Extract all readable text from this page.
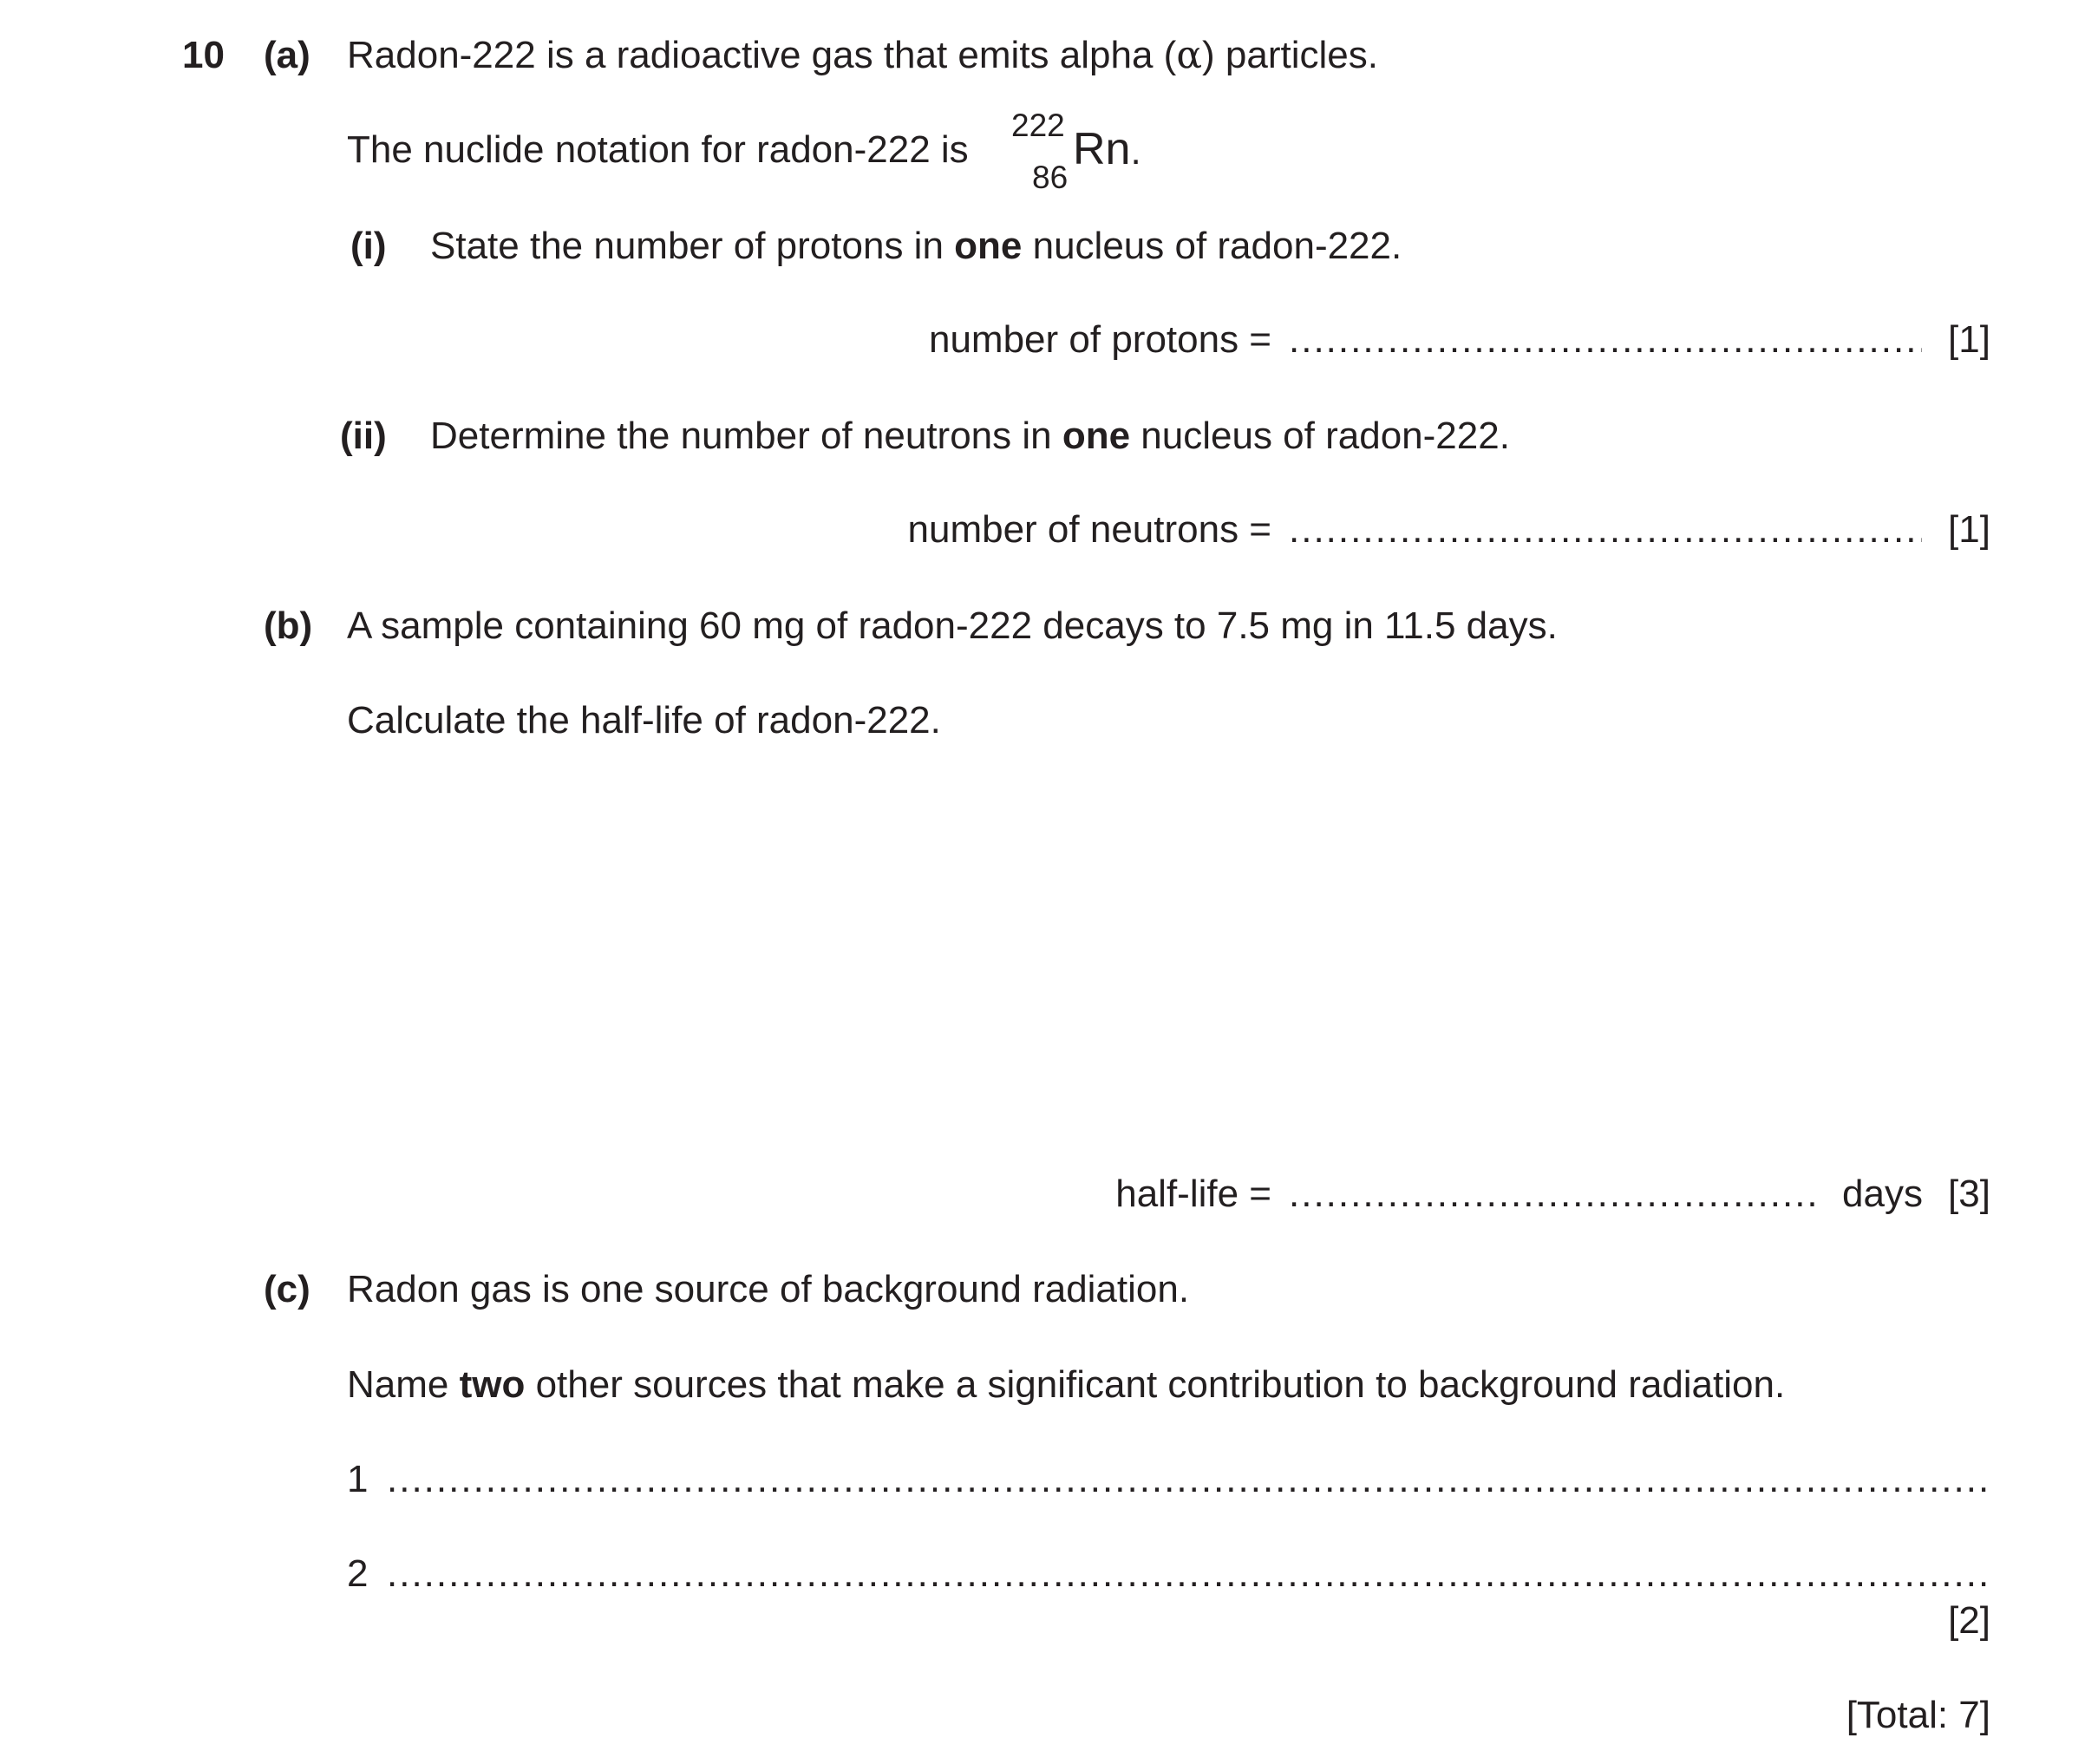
10 (a) Radon-222 is a radioactive gas that emits alpha (α) particles.
The nuclide notation for radon-222 is
222
86
Rn.
(i) State the number of protons in one nucleus of radon-222.
number of protons = .....	[1]
(ii) Determine the number of neutrons in one nucleus of radon-222.
number of neutrons = .....	[1]
(b) A sample containing 60 mg of radon-222 decays to 7.5 mg in 11.5 days.
Calculate the half-life of radon-222.
half-life = .....	days [3]
(c) Radon gas is one source of background radiation.
Name two other sources that make a significant contribution to background radiation.
1
.....
2
.....
[2]
[Total: 7]
